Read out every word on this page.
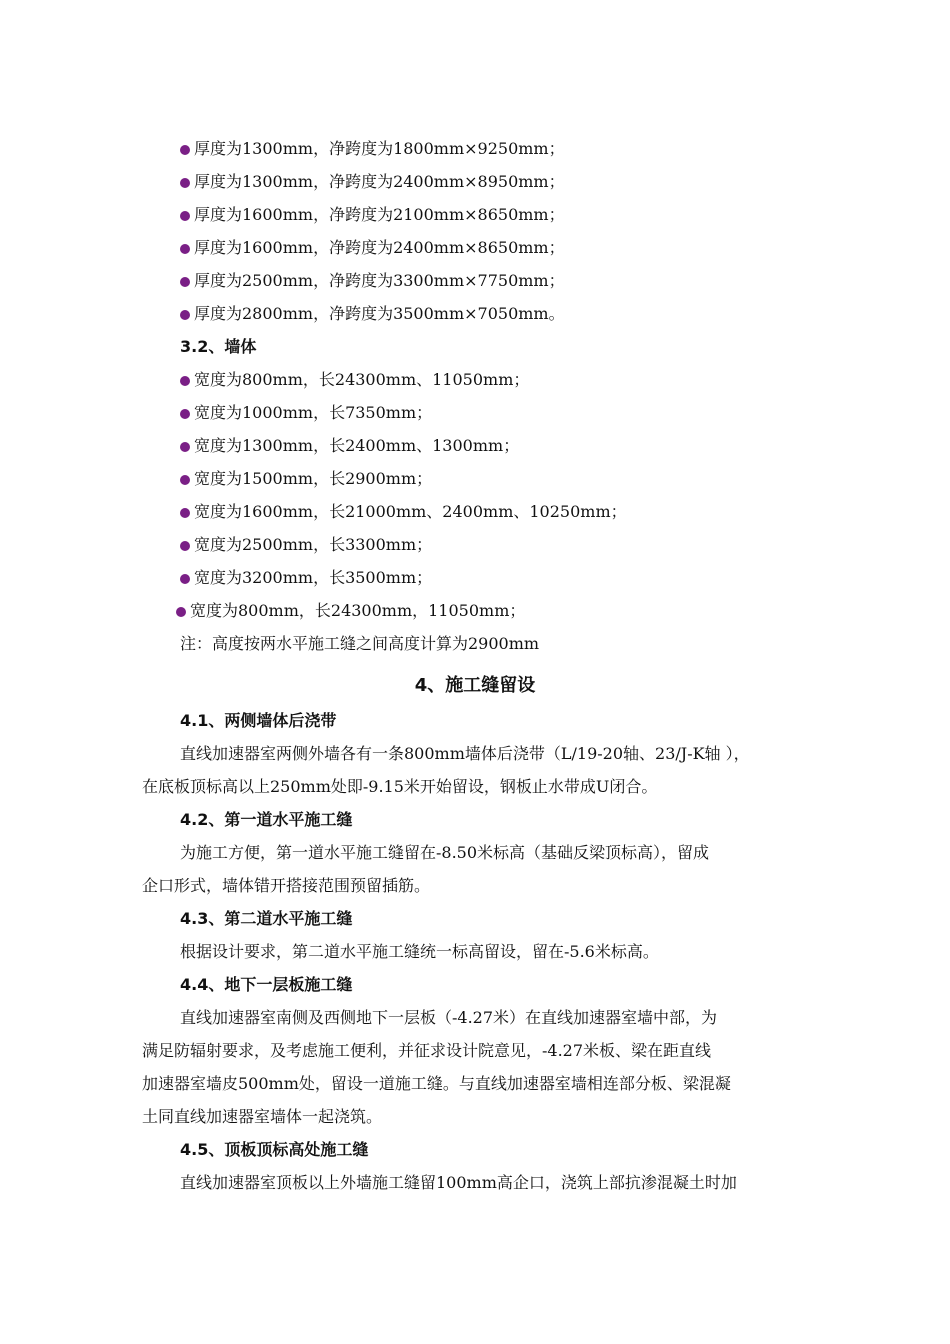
厚度为1300mm，净跨度为1800mm×9250mm；
厚度为1300mm，净跨度为2400mm×8950mm；
厚度为1600mm，净跨度为2100mm×8650mm；
厚度为1600mm，净跨度为2400mm×8650mm；
厚度为2500mm，净跨度为3300mm×7750mm；
厚度为2800mm，净跨度为3500mm×7050mm。
3.2、墙体
宽度为800mm，长24300mm、11050mm；
宽度为1000mm，长7350mm；
宽度为1300mm，长2400mm、1300mm；
宽度为1500mm，长2900mm；
宽度为1600mm，长21000mm、2400mm、10250mm；
宽度为2500mm，长3300mm；
宽度为3200mm，长3500mm；
宽度为800mm，长24300mm，11050mm；
注：高度按两水平施工缝之间高度计算为2900mm
4、施工缝留设
4.1、两侧墙体后浇带
直线加速器室两侧外墙各有一条800mm墙体后浇带（L/19-20轴、23/J-K轴 ），
在底板顶标高以上250mm处即-9.15米开始留设，钢板止水带成U闭合。
4.2、第一道水平施工缝
为施工方便，第一道水平施工缝留在-8.50米标高（基础反梁顶标高），留成
企口形式，墙体错开搭接范围预留插筋。
4.3、第二道水平施工缝
根据设计要求，第二道水平施工缝统一标高留设，留在-5.6米标高。
4.4、地下一层板施工缝
直线加速器室南侧及西侧地下一层板（-4.27米）在直线加速器室墙中部，为
满足防辐射要求，及考虑施工便利，并征求设计院意见，-4.27米板、梁在距直线
加速器室墙皮500mm处，留设一道施工缝。与直线加速器室墙相连部分板、梁混凝
土同直线加速器室墙体一起浇筑。
4.5、顶板顶标高处施工缝
直线加速器室顶板以上外墙施工缝留100mm高企口，浇筑上部抗渗混凝土时加
